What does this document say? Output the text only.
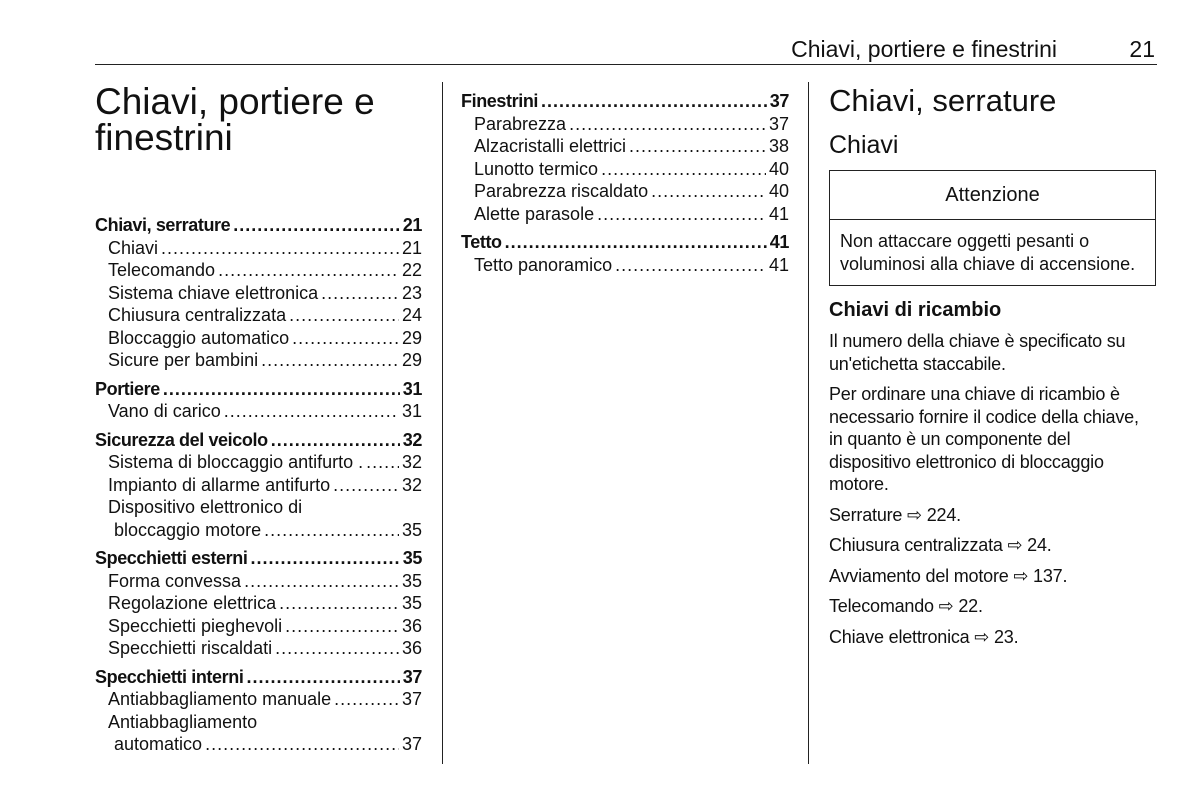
Chiavi, portiere e finestrini	21
Chiavi, portiere e
finestrini
Chiavi, serrature .....	21
Chiavi .....	21
Telecomando .....	22
Sistema chiave elettronica .....	23
Chiusura centralizzata .....	24
Bloccaggio automatico .....	29
Sicure per bambini .....	29
Portiere .....	31
Vano di carico .....	31
Sicurezza del veicolo .....	32
Sistema di bloccaggio antifurto . ..... 32
Impianto di allarme antifurto .....	32
Dispositivo elettronico di
bloccaggio motore .....	35
Specchietti esterni .....	35
Forma convessa .....	35
Regolazione elettrica .....	35
Specchietti pieghevoli .....	36
Specchietti riscaldati .....	36
Specchietti interni .....	37
Antiabbagliamento manuale .....	37
Antiabbagliamento
automatico .....	37
Finestrini .....	37
Parabrezza .....	37
Alzacristalli elettrici .....	38
Lunotto termico .....	40
Parabrezza riscaldato .....	40
Alette parasole .....	41
Tetto .....	41
Tetto panoramico .....	41
Chiavi, serrature
Chiavi
Attenzione
Non attaccare oggetti pesanti o voluminosi alla chiave di accensione.
Chiavi di ricambio

Il numero della chiave è specificato su un'etichetta staccabile.

Per ordinare una chiave di ricambio è necessario fornire il codice della chiave, in quanto è un componente del dispositivo elettronico di bloccaggio motore.

Serrature ⇨ 224.

Chiusura centralizzata ⇨ 24.

Avviamento del motore ⇨ 137.

Telecomando ⇨ 22.

Chiave elettronica ⇨ 23.
